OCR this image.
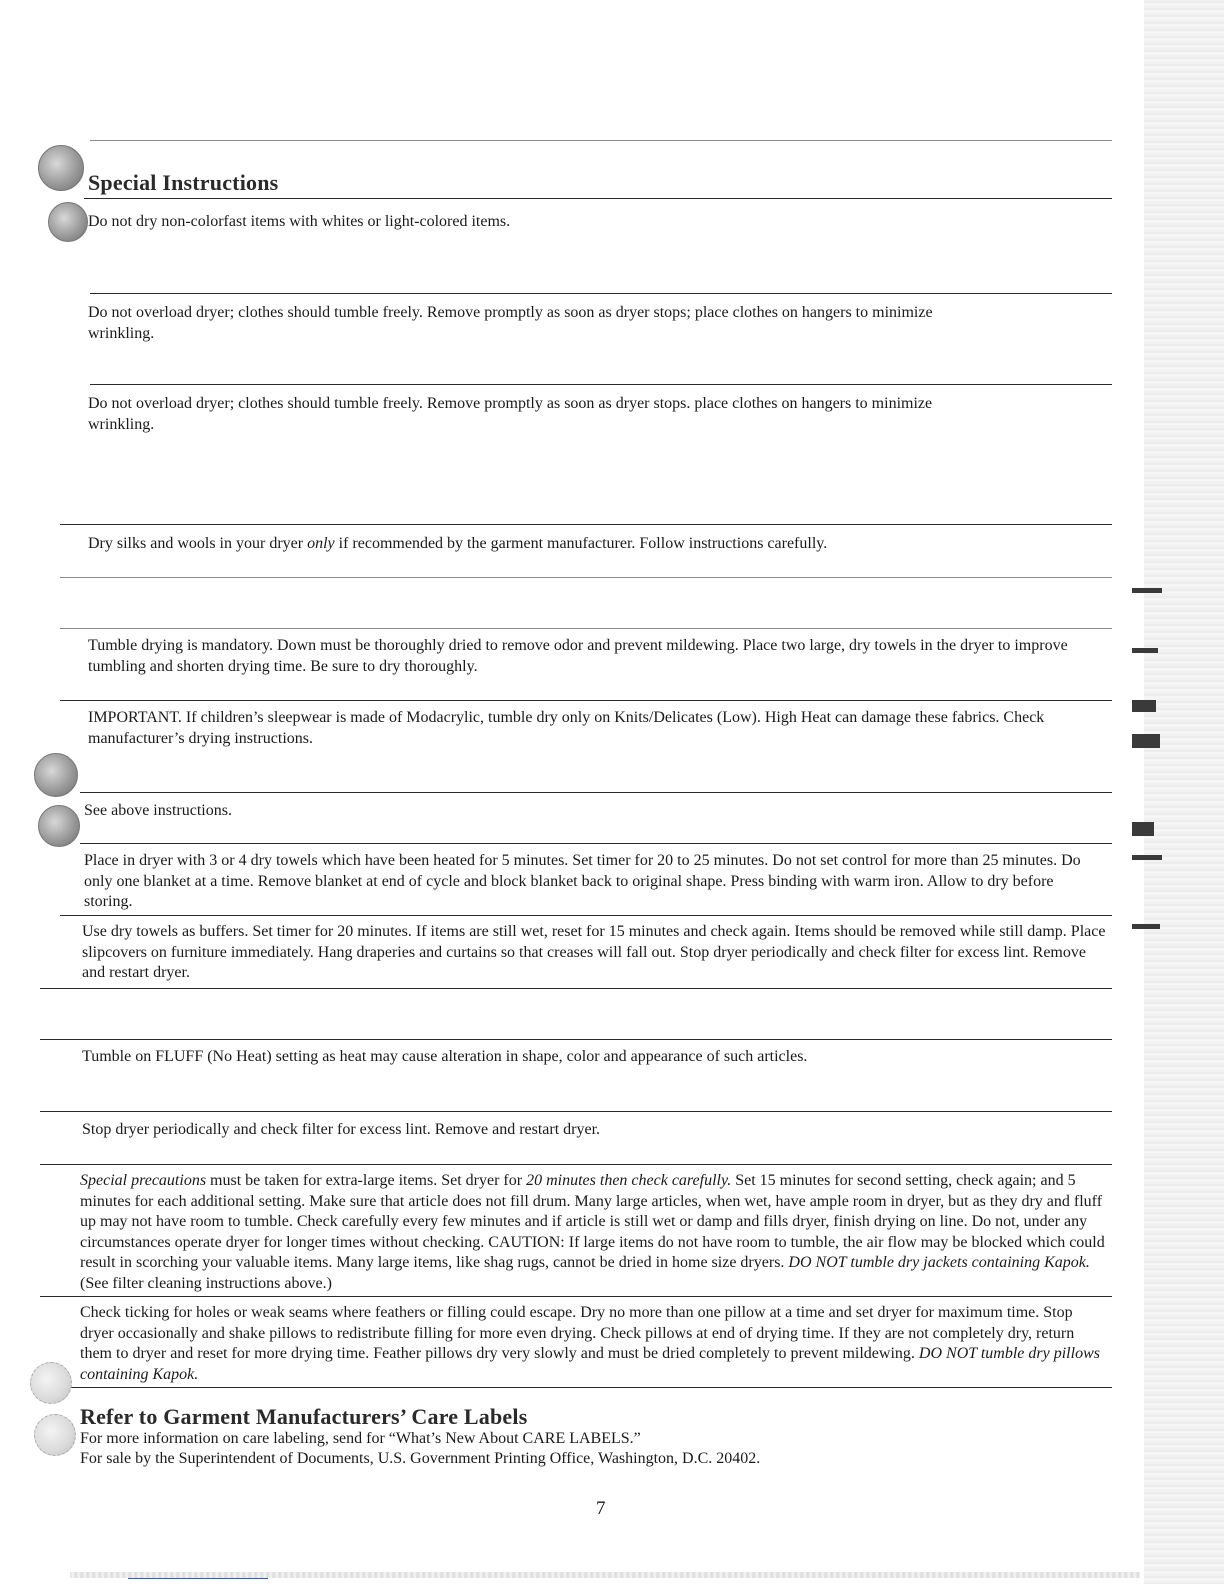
Special Instructions
Do not dry non-colorfast items with whites or light-colored items.
Do not overload dryer; clothes should tumble freely. Remove promptly as soon as dryer stops; place clothes on hangers to minimize wrinkling.
Do not overload dryer; clothes should tumble freely. Remove promptly as soon as dryer stops. place clothes on hangers to minimize wrinkling.
Dry silks and wools in your dryer only if recommended by the garment manufacturer. Follow instructions carefully.
Tumble drying is mandatory. Down must be thoroughly dried to remove odor and prevent mildewing. Place two large, dry towels in the dryer to improve tumbling and shorten drying time. Be sure to dry thoroughly.
IMPORTANT. If children’s sleepwear is made of Modacrylic, tumble dry only on Knits/Delicates (Low). High Heat can damage these fabrics. Check manufacturer’s drying instructions.
See above instructions.
Place in dryer with 3 or 4 dry towels which have been heated for 5 minutes. Set timer for 20 to 25 minutes. Do not set control for more than 25 minutes. Do only one blanket at a time. Remove blanket at end of cycle and block blanket back to original shape. Press binding with warm iron. Allow to dry before storing.
Use dry towels as buffers. Set timer for 20 minutes. If items are still wet, reset for 15 minutes and check again. Items should be removed while still damp. Place slipcovers on furniture immediately. Hang draperies and curtains so that creases will fall out. Stop dryer periodically and check filter for excess lint. Remove and restart dryer.
Tumble on FLUFF (No Heat) setting as heat may cause alteration in shape, color and appearance of such articles.
Stop dryer periodically and check filter for excess lint. Remove and restart dryer.
Special precautions must be taken for extra-large items. Set dryer for 20 minutes then check carefully. Set 15 minutes for second setting, check again; and 5 minutes for each additional setting. Make sure that article does not fill drum. Many large articles, when wet, have ample room in dryer, but as they dry and fluff up may not have room to tumble. Check carefully every few minutes and if article is still wet or damp and fills dryer, finish drying on line. Do not, under any circumstances operate dryer for longer times without checking. CAUTION: If large items do not have room to tumble, the air flow may be blocked which could result in scorching your valuable items. Many large items, like shag rugs, cannot be dried in home size dryers. DO NOT tumble dry jackets containing Kapok. (See filter cleaning instructions above.)
Check ticking for holes or weak seams where feathers or filling could escape. Dry no more than one pillow at a time and set dryer for maximum time. Stop dryer occasionally and shake pillows to redistribute filling for more even drying. Check pillows at end of drying time. If they are not completely dry, return them to dryer and reset for more drying time. Feather pillows dry very slowly and must be dried completely to prevent mildewing. DO NOT tumble dry pillows containing Kapok.
Refer to Garment Manufacturers’ Care Labels
For more information on care labeling, send for “What’s New About CARE LABELS.”
For sale by the Superintendent of Documents, U.S. Government Printing Office, Washington, D.C. 20402.
7
